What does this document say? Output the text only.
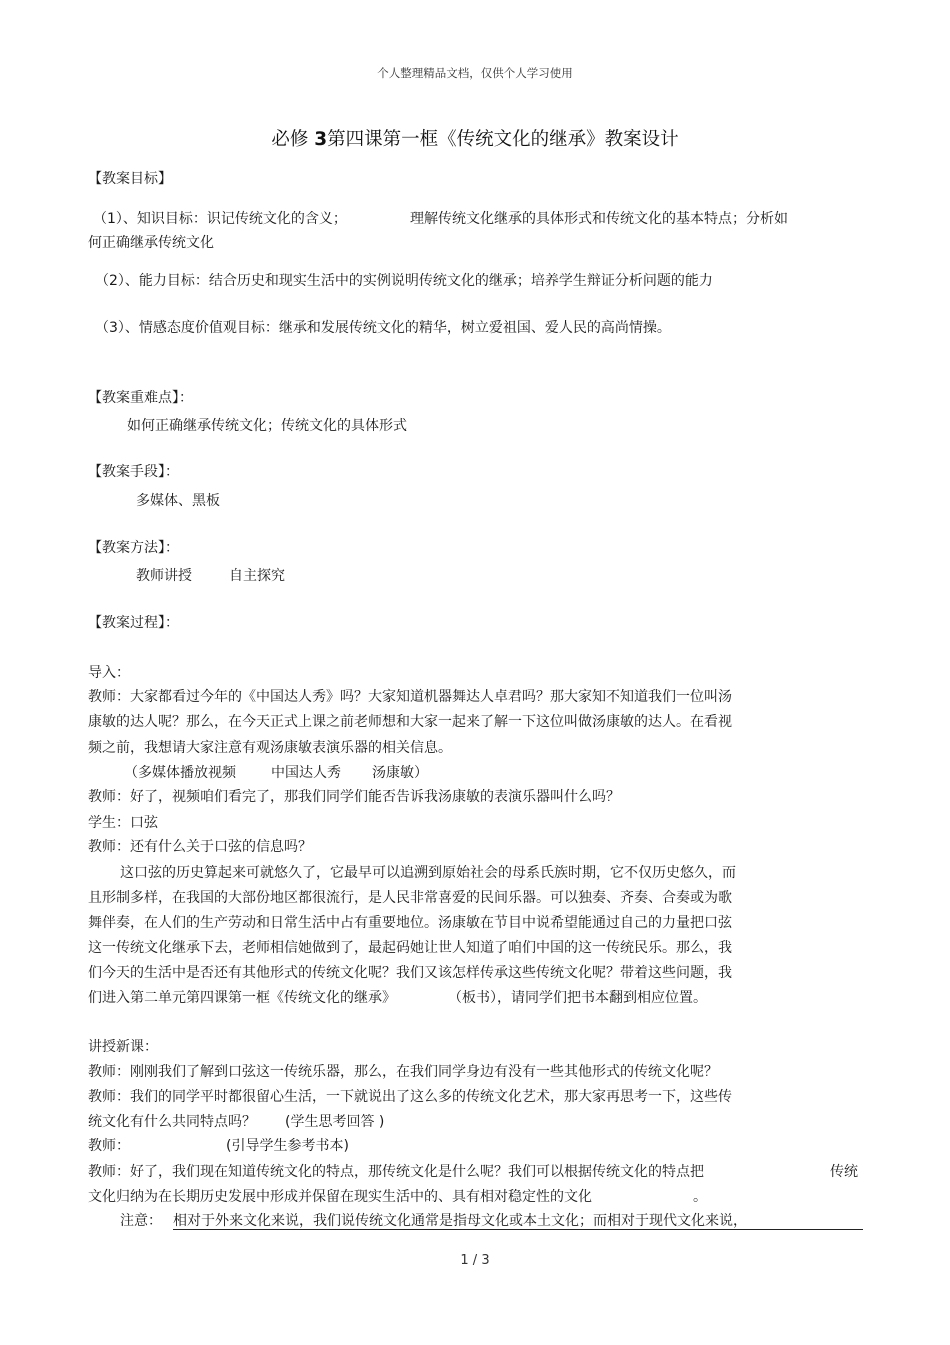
个人整理精品文档，仅供个人学习使用
必修 3第四课第一框《传统文化的继承》教案设计
【教案目标】
（1）、知识目标：识记传统文化的含义；	理解传统文化继承的具体形式和传统文化的基本特点；分析如
何正确继承传统文化
（2）、能力目标：结合历史和现实生活中的实例说明传统文化的继承；培养学生辩证分析问题的能力
（3）、情感态度价值观目标：继承和发展传统文化的精华，树立爱祖国、爱人民的高尚情操。
【教案重难点】：
如何正确继承传统文化；传统文化的具体形式
【教案手段】：
多媒体、黑板
【教案方法】：
教师讲授	自主探究
【教案过程】：
导入：
教师：大家都看过今年的《中国达人秀》吗？大家知道机器舞达人卓君吗？那大家知不知道我们一位叫汤
康敏的达人呢？那么，在今天正式上课之前老师想和大家一起来了解一下这位叫做汤康敏的达人。在看视
频之前，我想请大家注意有观汤康敏表演乐器的相关信息。
（多媒体播放视频	中国达人秀 汤康敏）
教师：好了，视频咱们看完了，那我们同学们能否告诉我汤康敏的表演乐器叫什么吗？
学生：口弦
教师：还有什么关于口弦的信息吗？
这口弦的历史算起来可就悠久了，它最早可以追溯到原始社会的母系氏族时期，它不仅历史悠久，而
且形制多样，在我国的大部份地区都很流行，是人民非常喜爱的民间乐器。可以独奏、齐奏、合奏或为歌
舞伴奏，在人们的生产劳动和日常生活中占有重要地位。汤康敏在节目中说希望能通过自己的力量把口弦
这一传统文化继承下去，老师相信她做到了，最起码她让世人知道了咱们中国的这一传统民乐。那么，我
们今天的生活中是否还有其他形式的传统文化呢？我们又该怎样传承这些传统文化呢？带着这些问题，我
们进入第二单元第四课第一框《传统文化的继承》	（板书），请同学们把书本翻到相应位置。
讲授新课：
教师：刚刚我们了解到口弦这一传统乐器，那么，在我们同学身边有没有一些其他形式的传统文化呢？
教师：我们的同学平时都很留心生活，一下就说出了这么多的传统文化艺术，那大家再思考一下，这些传
统文化有什么共同特点吗？ (学生思考回答 )
教师：	(引导学生参考书本)
教师：好了，我们现在知道传统文化的特点，那传统文化是什么呢？我们可以根据传统文化的特点把	传统
文化归纳为在长期历史发展中形成并保留在现实生活中的、具有相对稳定性的文化	。
注意： 相对于外来文化来说，我们说传统文化通常是指母文化或本土文化；而相对于现代文化来说，
1 / 3
